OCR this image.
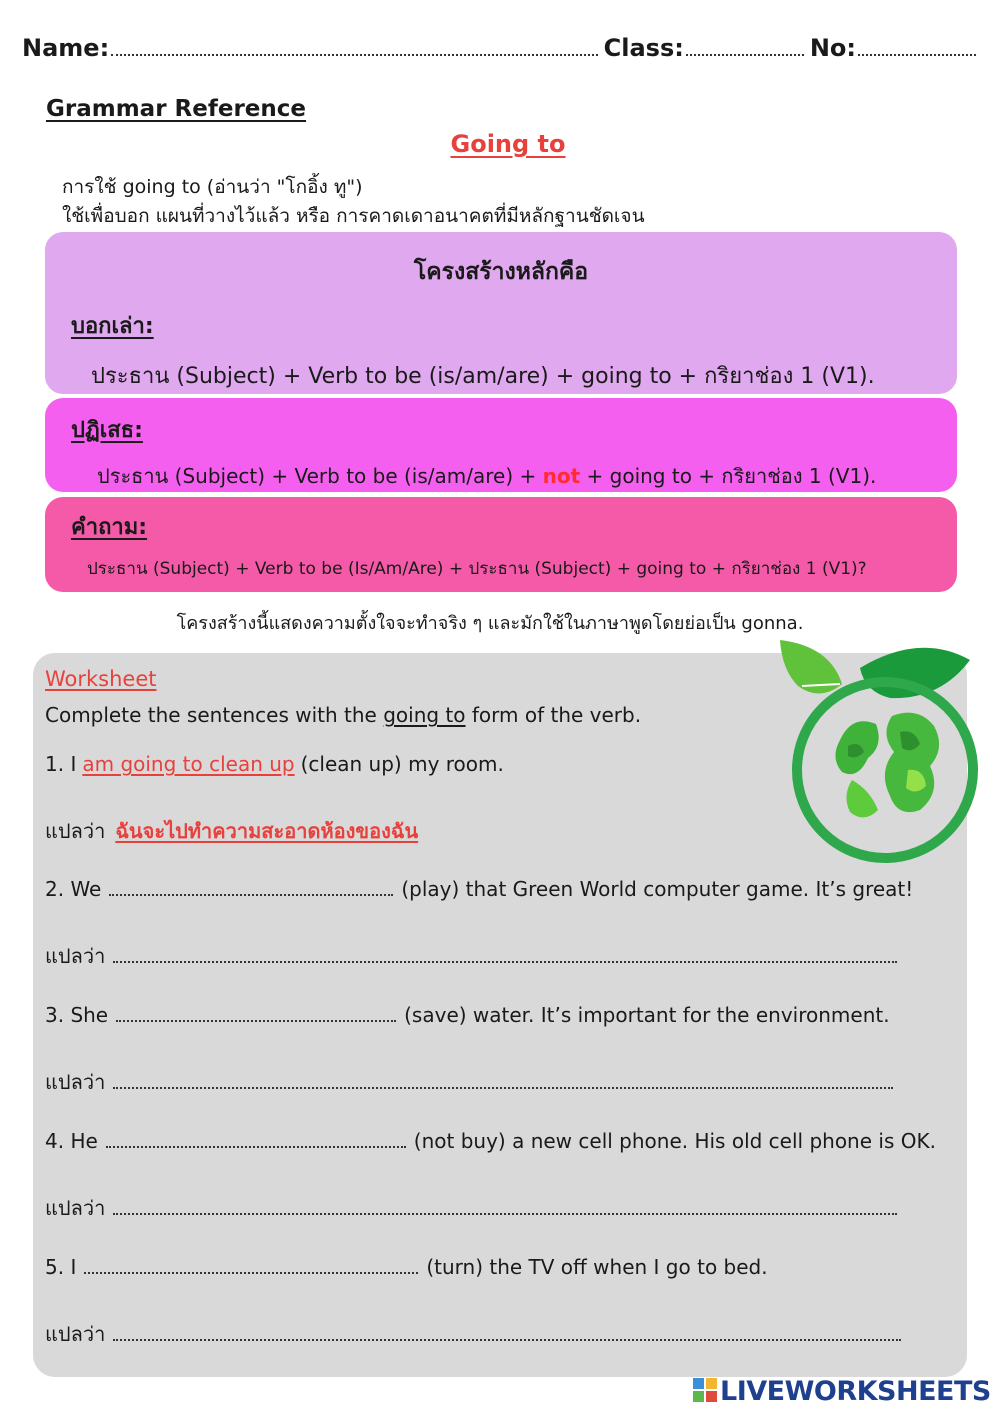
Name:	Class:	No:
Grammar Reference
Going to
การใช้ going to (อ่านว่า "โกอิ้ง ทู")
ใช้เพื่อบอก แผนที่วางไว้แล้ว หรือ การคาดเดาอนาคตที่มีหลักฐานชัดเจน
โครงสร้างหลักคือ
บอกเล่า:
ประธาน (Subject) + Verb to be (is/am/are) + going to + กริยาช่อง 1 (V1).
ปฏิเสธ:
ประธาน (Subject) + Verb to be (is/am/are) + not + going to + กริยาช่อง 1 (V1).
คำถาม:
ประธาน (Subject) + Verb to be (Is/Am/Are) + ประธาน (Subject) + going to + กริยาช่อง 1 (V1)?
โครงสร้างนี้แสดงความตั้งใจจะทำจริง ๆ และมักใช้ในภาษาพูดโดยย่อเป็น gonna.
Worksheet
Complete the sentences with the going to form of the verb.
1. I am going to clean up (clean up) my room.
แปลว่า ฉันจะไปทำความสะอาดห้องของฉัน
2. We	(play) that Green World computer game. It’s great!
แปลว่า
3. She	(save) water. It’s important for the environment.
แปลว่า
4. He	(not buy) a new cell phone. His old cell phone is OK.
แปลว่า
5. I	(turn) the TV off when I go to bed.
แปลว่า
LIVEWORKSHEETS
